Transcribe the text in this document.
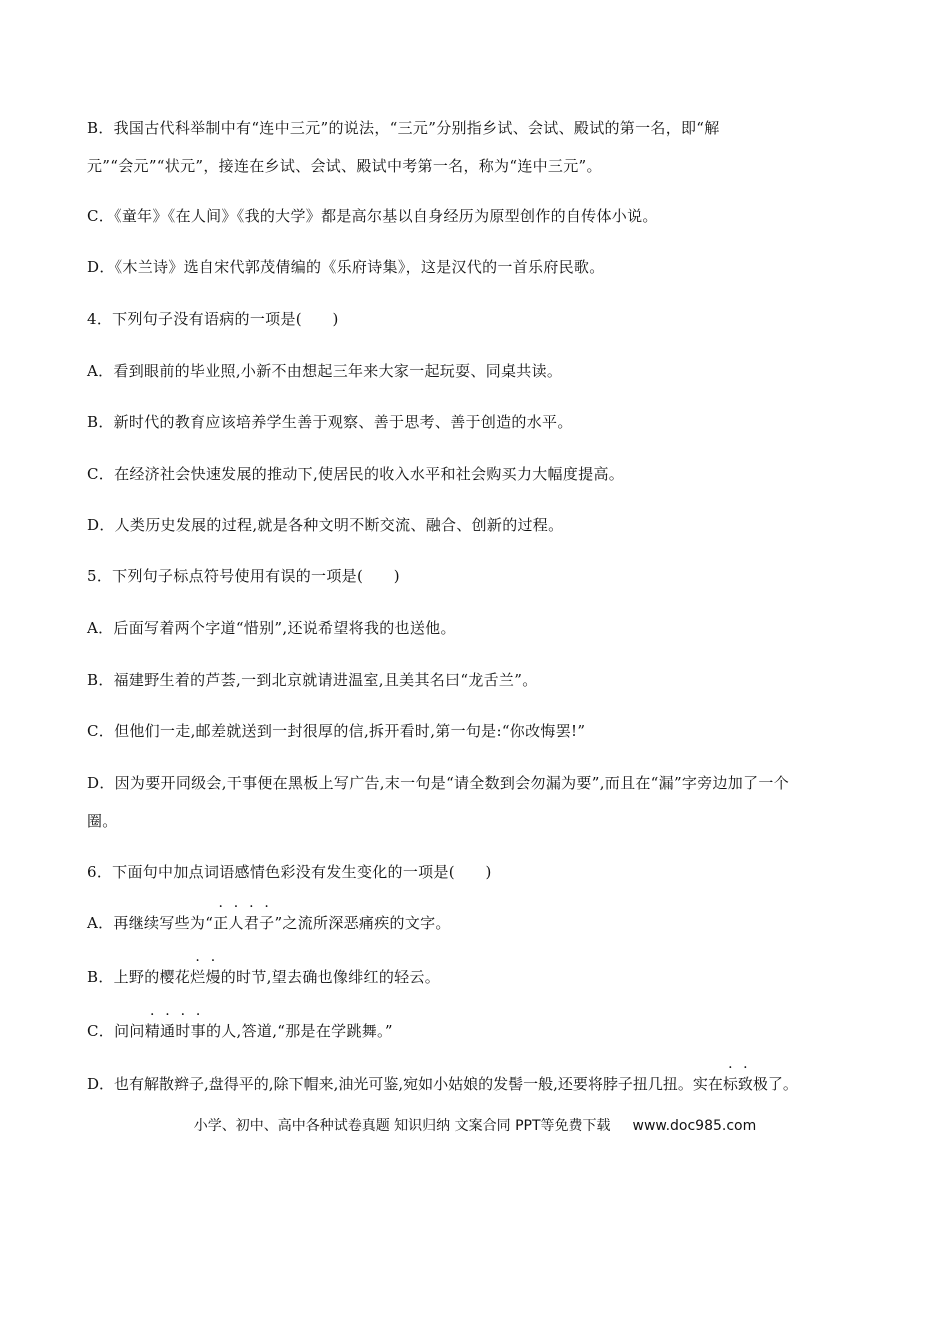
B．我国古代科举制中有“连中三元”的说法，“三元”分别指乡试、会试、殿试的第一名，即“解
元”“会元”“状元”，接连在乡试、会试、殿试中考第一名，称为“连中三元”。
C．《童年》《在人间》《我的大学》都是高尔基以自身经历为原型创作的自传体小说。
D．《木兰诗》选自宋代郭茂倩编的《乐府诗集》，这是汉代的一首乐府民歌。
4．下列句子没有语病的一项是(　　)
A．看到眼前的毕业照,小新不由想起三年来大家一起玩耍、同桌共读。
B．新时代的教育应该培养学生善于观察、善于思考、善于创造的水平。
C．在经济社会快速发展的推动下,使居民的收入水平和社会购买力大幅度提高。
D．人类历史发展的过程,就是各种文明不断交流、融合、创新的过程。
5．下列句子标点符号使用有误的一项是(　　)
A．后面写着两个字道“惜别”,还说希望将我的也送他。
B．福建野生着的芦荟,一到北京就请进温室,且美其名曰“龙舌兰”。
C．但他们一走,邮差就送到一封很厚的信,拆开看时,第一句是:“你改悔罢!”
D．因为要开同级会,干事便在黑板上写广告,末一句是“请全数到会勿漏为要”,而且在“漏”字旁边加了一个
圈。
6．下面句中加点词语感情色彩没有发生变化的一项是(　　)
A．再继续写些为“正人君子”之流所深恶痛疾的文字。
B．上野的樱花烂熳的时节,望去确也像绯红的轻云。
C．问问精通时事的人,答道,“那是在学跳舞。”
D．也有解散辫子,盘得平的,除下帽来,油光可鉴,宛如小姑娘的发髻一般,还要将脖子扭几扭。实在标致极了。
小学、初中、高中各种试卷真题 知识归纳 文案合同 PPT等免费下载 www.doc985.com
